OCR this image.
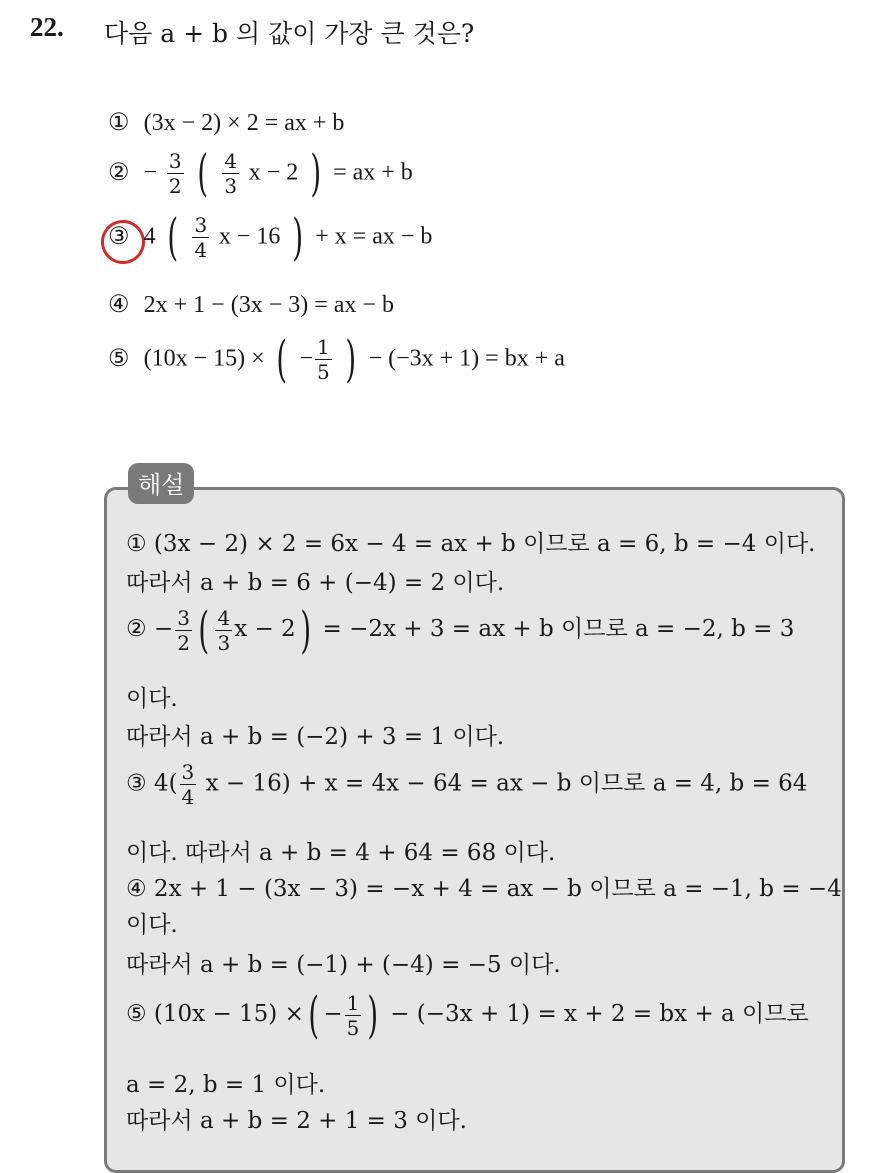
22. 다음 a + b 의 값이 가장 큰 것은?
① (3x − 2) × 2 = ax + b
② − $\frac{3}{2}$ ( $\frac{4}{3}$ x − 2 ) = ax + b
③ 4 ( $\frac{3}{4}$ x − 16 ) + x = ax − b
④ 2x + 1 − (3x − 3) = ax − b
⑤ (10x − 15) × ( − $\frac{1}{5}$ ) − (−3x + 1) = bx + a
해설
① (3x − 2) × 2 = 6x − 4 = ax + b 이므로 a = 6, b = −4 이다.
따라서 a + b = 6 + (−4) = 2 이다.
② − $\frac{3}{2}$ ( $\frac{4}{3}$ x − 2) = −2x + 3 = ax + b 이므로 a = −2, b = 3
이다.
따라서 a + b = (−2) + 3 = 1 이다.
③ $4( \frac{3}{4}$ x − 16) + x = 4x − 64 = ax − b 이므로 a = 4, b = 64
이다. 따라서 a + b = 4 + 64 = 68 이다.
④ 2x + 1 − (3x − 3) = −x + 4 = ax − b 이므로 a = −1, b = −4
이다.
따라서 a + b = (−1) + (−4) = −5 이다.
⑤ (10x − 15) ×( − $\frac{1}{5}$ ) − (−3x + 1) = x + 2 = bx + a 이므로
a = 2, b = 1 이다.
따라서 a + b = 2 + 1 = 3 이다.
